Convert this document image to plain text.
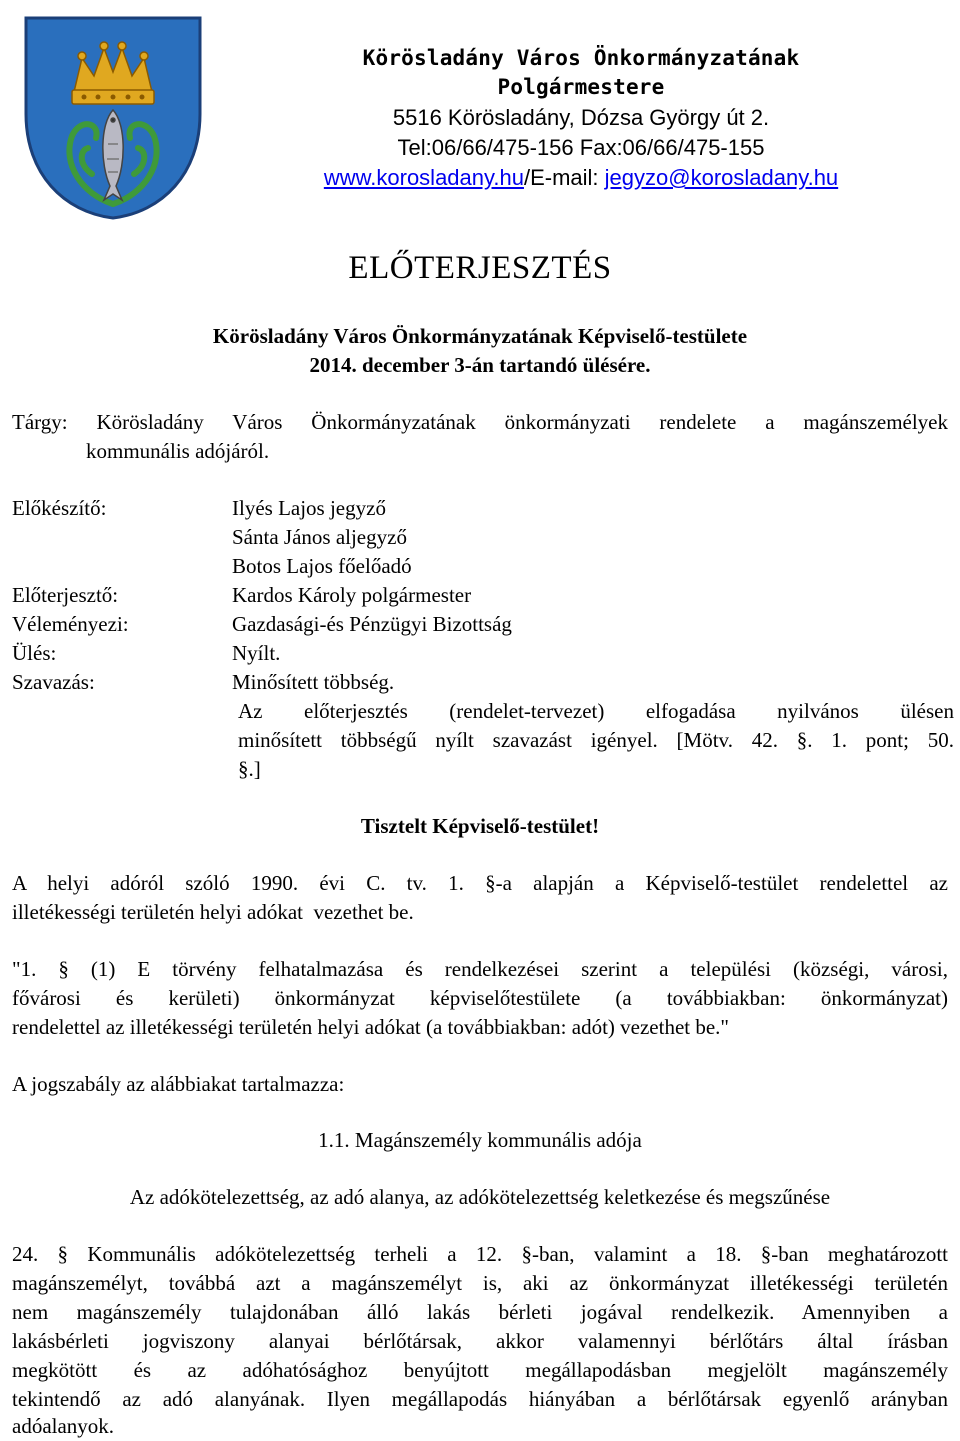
Körösladány Város Önkormányzatának
Polgármestere
5516 Körösladány, Dózsa György út 2.
Tel:06/66/475-156 Fax:06/66/475-155
www.korosladany.hu/E-mail: jegyzo@korosladany.hu
ELŐTERJESZTÉS
Körösladány Város Önkormányzatának Képviselő-testülete
2014. december 3-án tartandó ülésére.
Tárgy: Körösladány Város Önkormányzatának önkormányzati rendelete a magánszemélyek
kommunális adójáról.
Előkészítő:	Ilyés Lajos jegyző
Sánta János aljegyző
Botos Lajos főelőadó
Előterjesztő:	Kardos Károly polgármester
Véleményezi:	Gazdasági-és Pénzügyi Bizottság
Ülés:	Nyílt.
Szavazás:	Minősített többség.
Az előterjesztés (rendelet-tervezet) elfogadása nyilvános ülésen
minősített többségű nyílt szavazást igényel. [Mötv. 42. §. 1. pont; 50.
§.]
Tisztelt Képviselő-testület!
A helyi adóról szóló 1990. évi C. tv. 1. §-a alapján a Képviselő-testület rendelettel az
illetékességi területén helyi adókat  vezethet be.
"1. § (1) E törvény felhatalmazása és rendelkezései szerint a települési (községi, városi,
fővárosi és kerületi) önkormányzat képviselőtestülete (a továbbiakban: önkormányzat)
rendelettel az illetékességi területén helyi adókat (a továbbiakban: adót) vezethet be."
A jogszabály az alábbiakat tartalmazza:
1.1. Magánszemély kommunális adója
Az adókötelezettség, az adó alanya, az adókötelezettség keletkezése és megszűnése
24. § Kommunális adókötelezettség terheli a 12. §-ban, valamint a 18. §-ban meghatározott
magánszemélyt, továbbá azt a magánszemélyt is, aki az önkormányzat illetékességi területén
nem magánszemély tulajdonában álló lakás bérleti jogával rendelkezik. Amennyiben a
lakásbérleti jogviszony alanyai bérlőtársak, akkor valamennyi bérlőtárs által írásban
megkötött és az adóhatósághoz benyújtott megállapodásban megjelölt magánszemély
tekintendő az adó alanyának. Ilyen megállapodás hiányában a bérlőtársak egyenlő arányban
adóalanyok.
